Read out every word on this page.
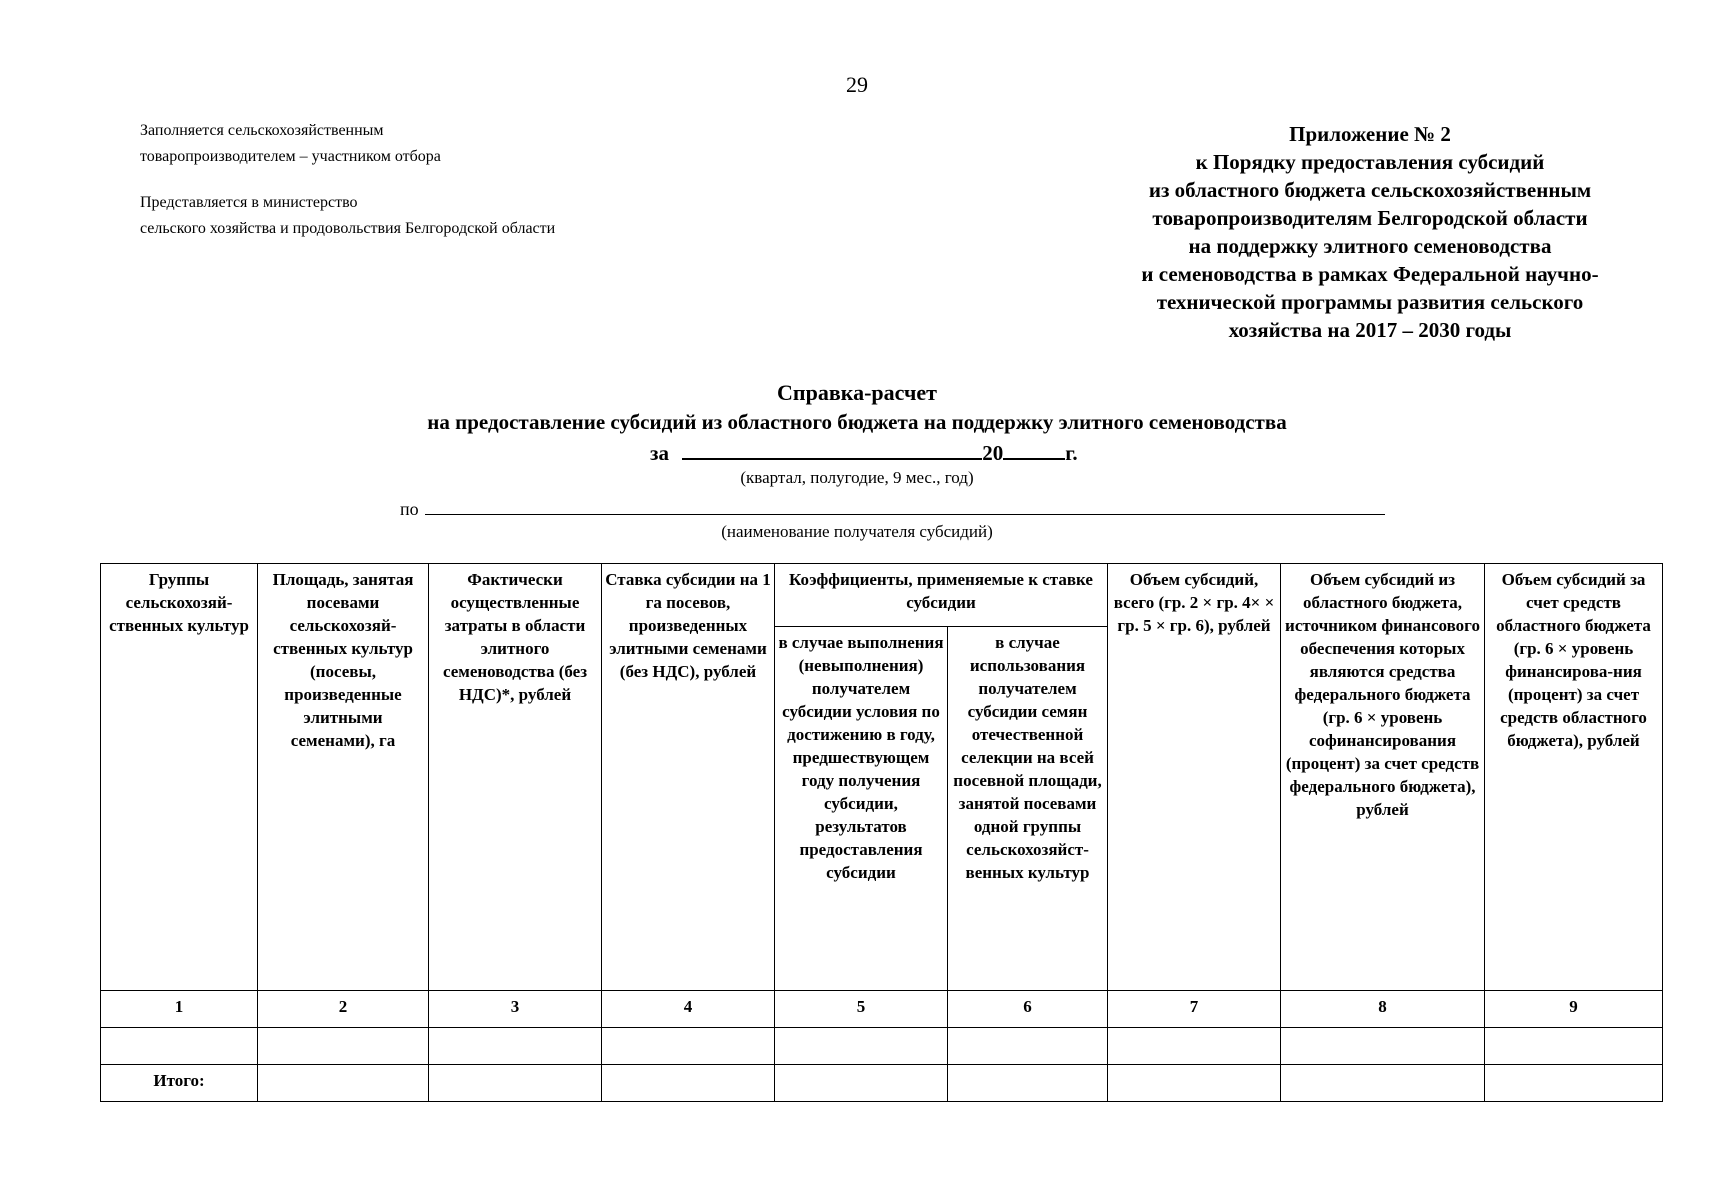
29
Заполняется сельскохозяйственным
товаропроизводителем – участником отбора
Представляется в министерство
сельского хозяйства и продовольствия Белгородской области
Приложение № 2
к Порядку предоставления субсидий
из областного бюджета сельскохозяйственным
товаропроизводителям Белгородской области
на поддержку элитного семеноводства
и семеноводства в рамках Федеральной научно-
технической программы развития сельского
хозяйства на 2017 – 2030 годы
Справка-расчет
на предоставление субсидий из областного бюджета на поддержку элитного семеноводства
за	20	г.
(квартал, полугодие, 9 мес., год)
по
(наименование получателя субсидий)
Группы сельскохозяй-ственных культур	Площадь, занятая посевами сельскохозяй-ственных культур (посевы, произведенные элитными семенами), га	Фактически осуществленные затраты в области элитного семеноводства (без НДС)*, рублей	Ставка субсидии на 1 га посевов, произведенных элитными семенами (без НДС), рублей	Коэффициенты, применяемые к ставке субсидии		Объем субсидий, всего (гр. 2 × гр. 4× × гр. 5 × гр. 6), рублей	Объем субсидий из областного бюджета, источником финансового обеспечения которых являются средства федерального бюджета (гр. 6 × уровень софинансирования (процент) за счет средств федерального бюджета), рублей	Объем субсидий за счет средств областного бюджета (гр. 6 × уровень финансирова-ния (процент) за счет средств областного бюджета), рублей
				в случае выполнения (невыполнения) получателем субсидии условия по достижению в году, предшествующем году получения субсидии, результатов предоставления субсидии	в случае использования получателем субсидии семян отечественной селекции на всей посевной площади, занятой посевами одной группы сельскохозяйст-венных культур			
1	2	3	4	5	6	7	8	9

Итого:								
